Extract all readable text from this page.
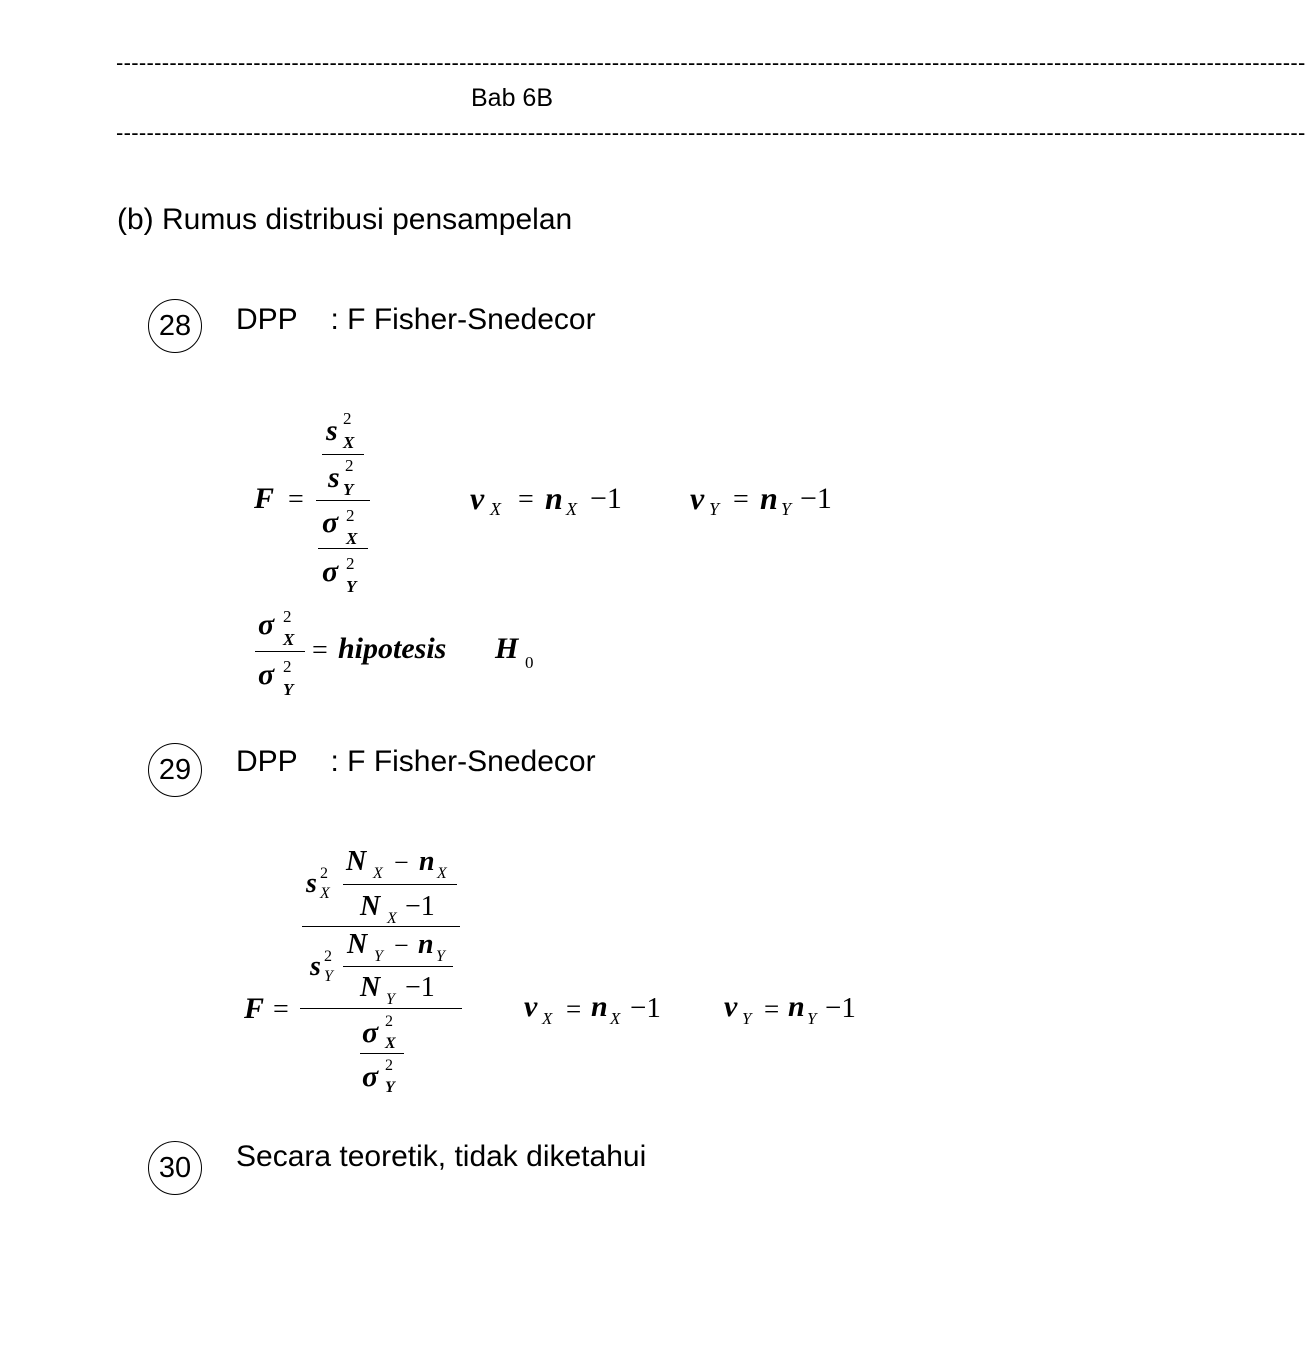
------------------------------------------------------------------------------------------------------------------------------------------------------------
Bab 6B
------------------------------------------------------------------------------------------------------------------------------------------------------------
(b) Rumus distribusi pensampelan
28 DPP    : F Fisher-Snedecor
F =
s 2
X
s 2
Y
σ 2
X
σ 2
Y
ν X = n X −1 ν Y = n Y −1
σ 2
X
σ 2
Y
= hipotesis H 0
29 DPP    : F Fisher-Snedecor
s 2
X
N X − n X
N X −1
s 2
Y
N Y − n Y
N Y −1
F =
σ 2
X
σ 2
Y
ν X = n X −1 ν Y = n Y −1
30 Secara teoretik, tidak diketahui
